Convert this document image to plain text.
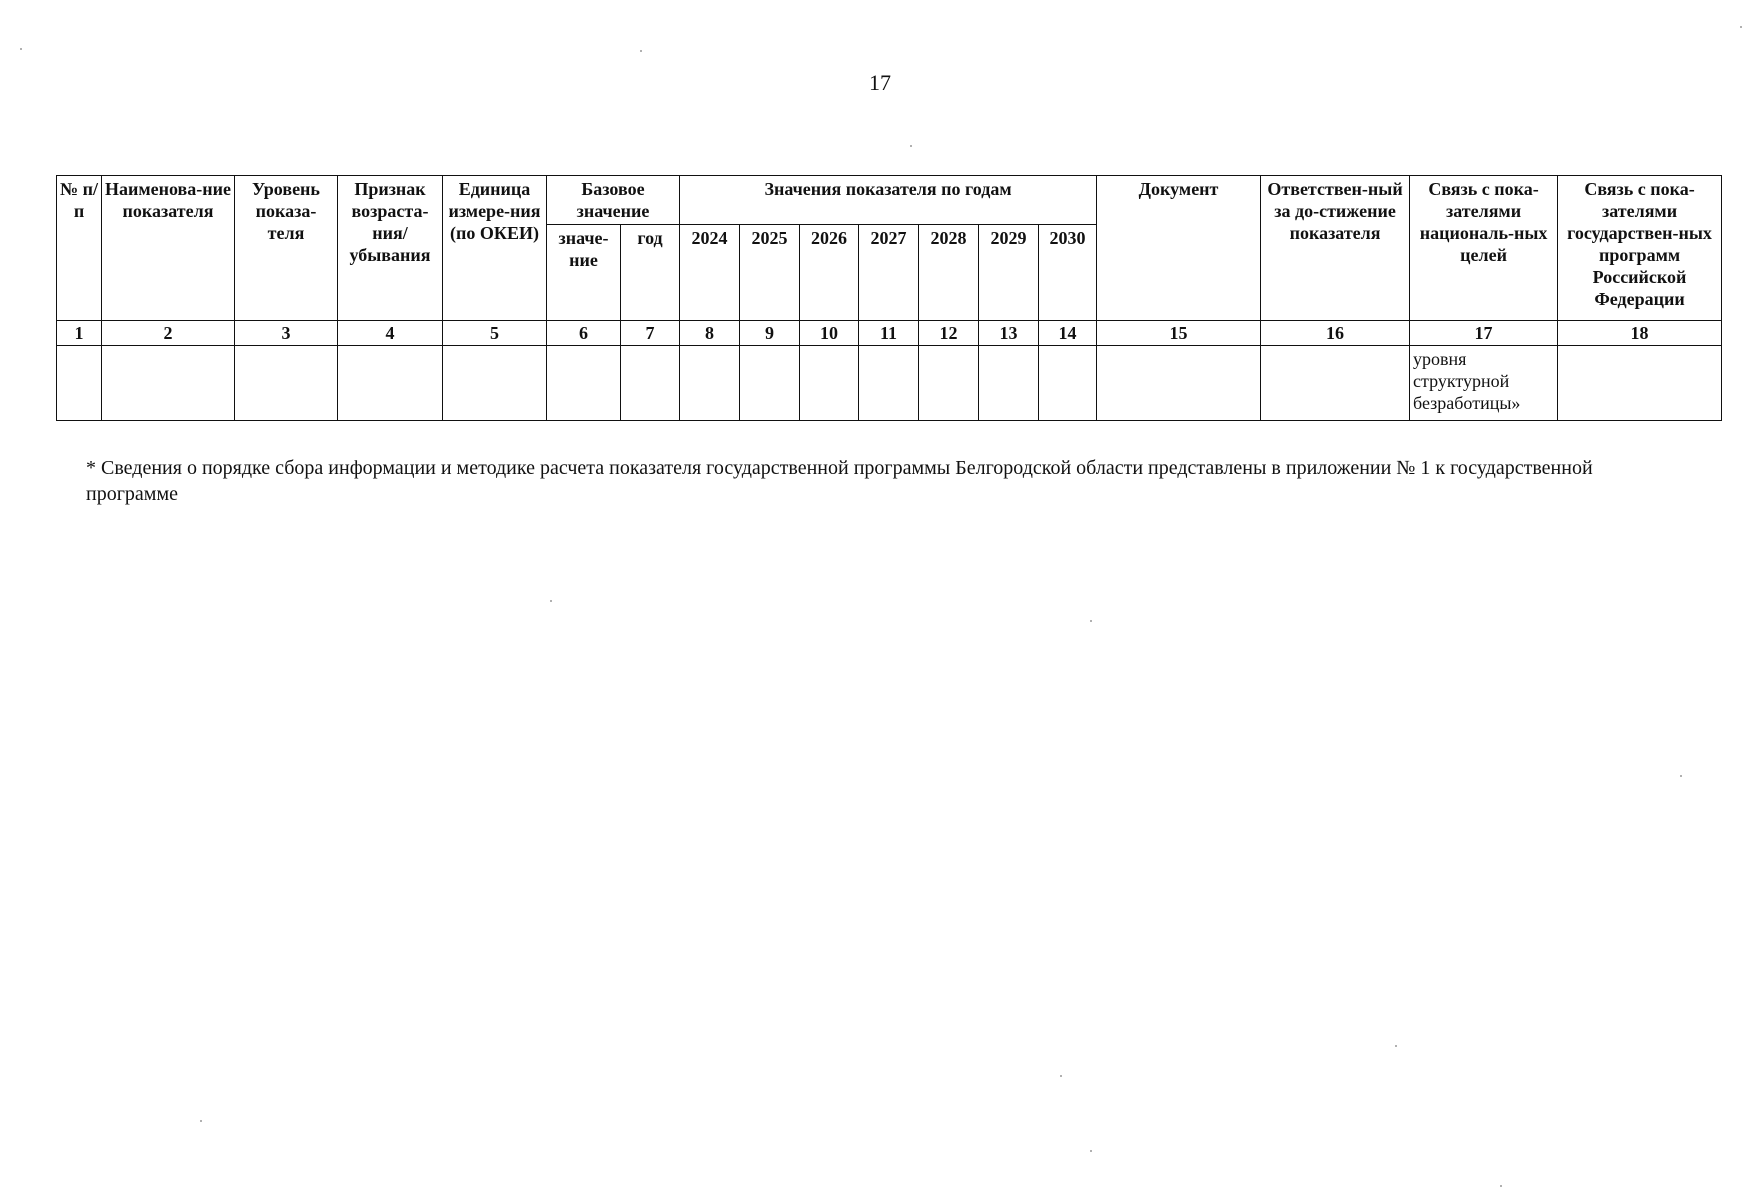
17
№ п/п	Наименова-ние показателя	Уровень показа-теля	Признак возраста-ния/ убывания	Единица измере-ния (по ОКЕИ)	Базовое значение		Значения показателя по годам							Документ	Ответствен-ный за до-стижение показателя	Связь с пока-зателями националь-ных целей	Связь с пока-зателями государствен-ных программ Российской Федерации
					значе-ние	год	2024	2025	2026	2027	2028	2029	2030				
1	2	3	4	5	6	7	8	9	10	11	12	13	14	15	16	17	18
																уровня структурной безработицы»	
* Сведения о порядке сбора информации и методике расчета показателя государственной программы Белгородской области представлены в приложении № 1 к государственной программе
